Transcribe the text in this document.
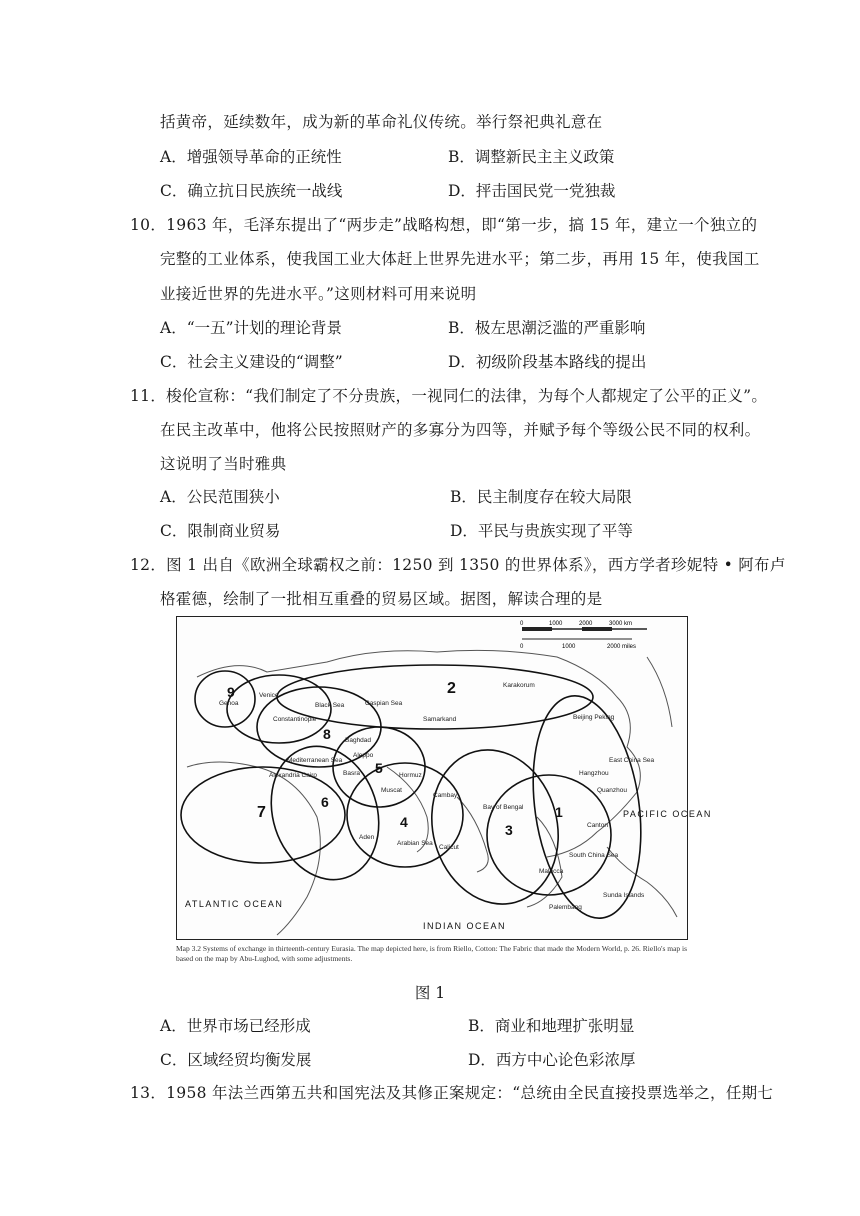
括黄帝，延续数年，成为新的革命礼仪传统。举行祭祀典礼意在
A．增强领导革命的正统性	B．调整新民主主义政策
C．确立抗日民族统一战线	D．抨击国民党一党独裁
10．1963 年，毛泽东提出了“两步走”战略构想，即“第一步，搞 15 年，建立一个独立的
完整的工业体系，使我国工业大体赶上世界先进水平；第二步，再用 15 年，使我国工
业接近世界的先进水平。”这则材料可用来说明
A．“一五”计划的理论背景	B．极左思潮泛滥的严重影响
C．社会主义建设的“调整”	D．初级阶段基本路线的提出
11．梭伦宣称：“我们制定了不分贵族，一视同仁的法律，为每个人都规定了公平的正义”。
在民主改革中，他将公民按照财产的多寡分为四等，并赋予每个等级公民不同的权利。
这说明了当时雅典
A．公民范围狭小	B．民主制度存在较大局限
C．限制商业贸易	D．平民与贵族实现了平等
12．图 1 出自《欧洲全球霸权之前：1250 到 1350 的世界体系》，西方学者珍妮特 • 阿布卢
格霍德，绘制了一批相互重叠的贸易区域。据图，解读合理的是
0	1000	2000	3000 km
0	1000	2000 miles
9
8
2
7
6
5
4	3
1
Genoa
Venice
Constantinople
Black Sea	Caspian Sea
Karakorum
Samarkand	Beijing Peking
Baghdad
Aleppo
Mediterranean Sea
Alexandria Cairo	Basra	Hormuz
Muscat
Aden
Cambay
Arabian Sea
Calicut
Bay of Bengal
Hangzhou
Quanzhou
East China Sea
Canton
South China Sea
Malacca
Palembang
Sunda Islands
PACIFIC OCEAN
ATLANTIC OCEAN
INDIAN OCEAN
Map 3.2 Systems of exchange in thirteenth-century Eurasia. The map depicted here, is from Riello, Cotton: The Fabric that made the Modern World, p. 26. Riello's map is based on the map by Abu-Lughod, with some adjustments.
图 1
A．世界市场已经形成	B．商业和地理扩张明显
C．区域经贸均衡发展	D．西方中心论色彩浓厚
13．1958 年法兰西第五共和国宪法及其修正案规定：“总统由全民直接投票选举之，任期七
